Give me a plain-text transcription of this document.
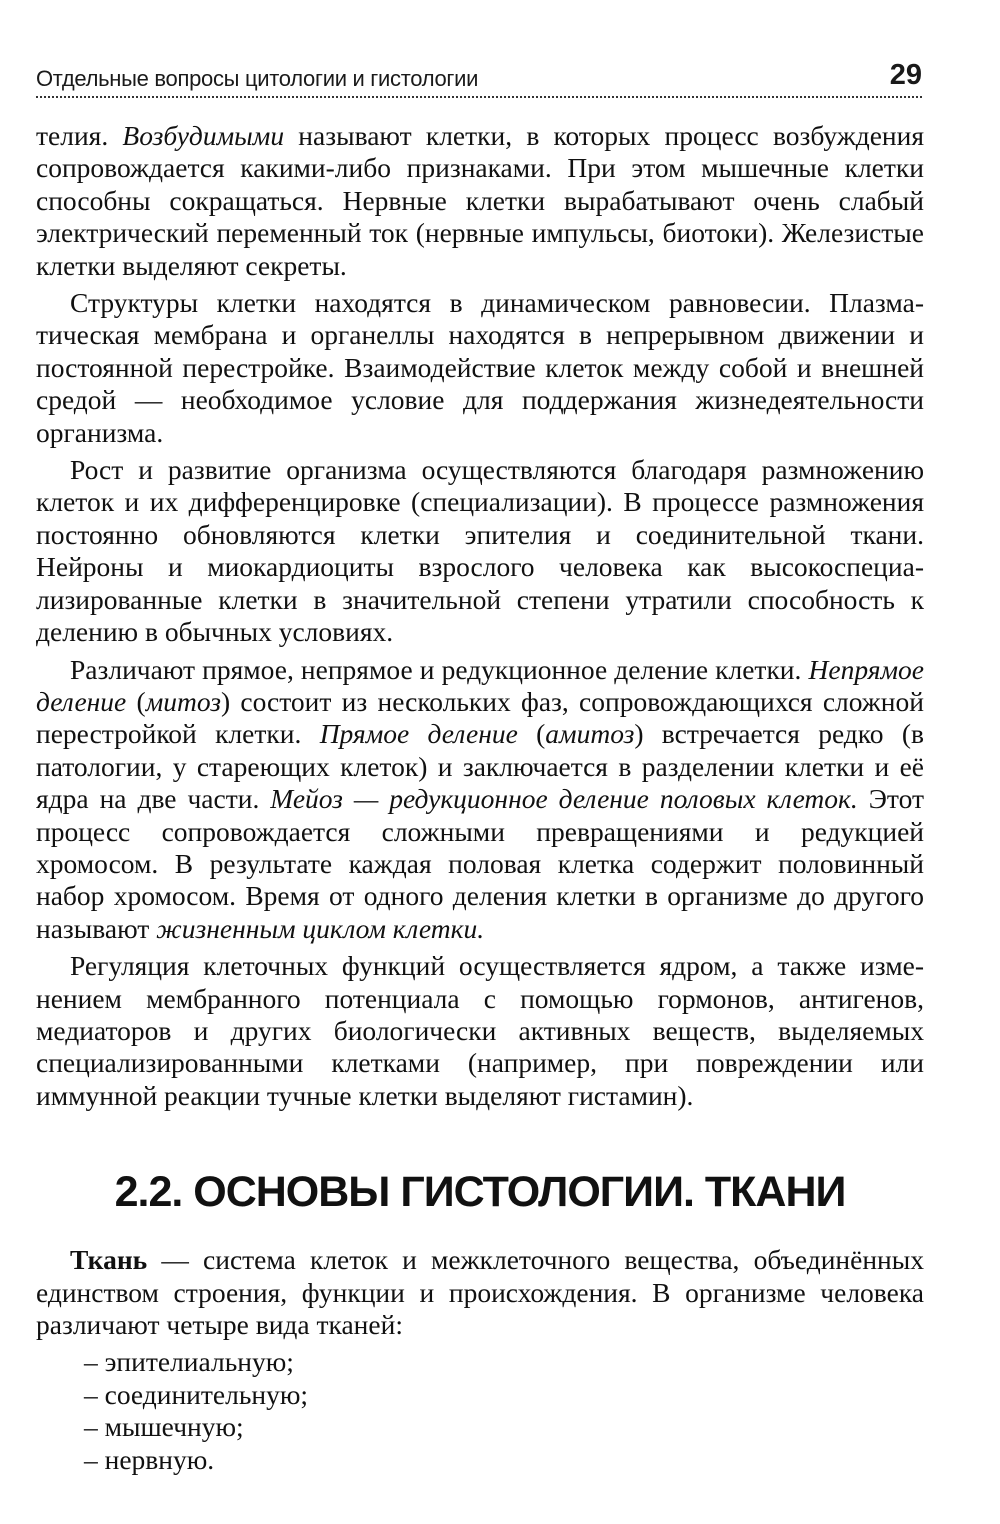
Отдельные вопросы цитологии и гистологии	29

телия. Возбудимыми называют клетки, в которых процесс возбуждения сопровождается какими-либо признаками. При этом мышечные клетки способны сокращаться. Нервные клетки вырабатывают очень слабый электрический переменный ток (нервные импульсы, биотоки). Железистые клетки выделяют секреты.

Структуры клетки находятся в динамическом равновесии. Плазматическая мембрана и органеллы находятся в непрерывном движении и постоянной перестройке. Взаимодействие клеток между собой и внешней средой — необходимое условие для поддержания жизнедеятельности организма.

Рост и развитие организма осуществляются благодаря размножению клеток и их дифференцировке (специализации). В процессе размножения постоянно обновляются клетки эпителия и соединительной ткани. Нейроны и миокардиоциты взрослого человека как высокоспециализированные клетки в значительной степени утратили способность к делению в обычных условиях.

Различают прямое, непрямое и редукционное деление клетки. Непрямое деление (митоз) состоит из нескольких фаз, сопровождающихся сложной перестройкой клетки. Прямое деление (амитоз) встречается редко (в патологии, у стареющих клеток) и заключается в разделении клетки и её ядра на две части. Мейоз — редукционное деление половых клеток. Этот процесс сопровождается сложными превращениями и редукцией хромосом. В результате каждая половая клетка содержит половинный набор хромосом. Время от одного деления клетки в организме до другого называют жизненным циклом клетки.

Регуляция клеточных функций осуществляется ядром, а также изменением мембранного потенциала с помощью гормонов, антигенов, медиаторов и других биологически активных веществ, выделяемых специализированными клетками (например, при повреждении или иммунной реакции тучные клетки выделяют гистамин).

2.2. ОСНОВЫ ГИСТОЛОГИИ. ТКАНИ

Ткань — система клеток и межклеточного вещества, объединённых единством строения, функции и происхождения. В организме человека различают четыре вида тканей:

– эпителиальную;
– соединительную;
– мышечную;
– нервную.
